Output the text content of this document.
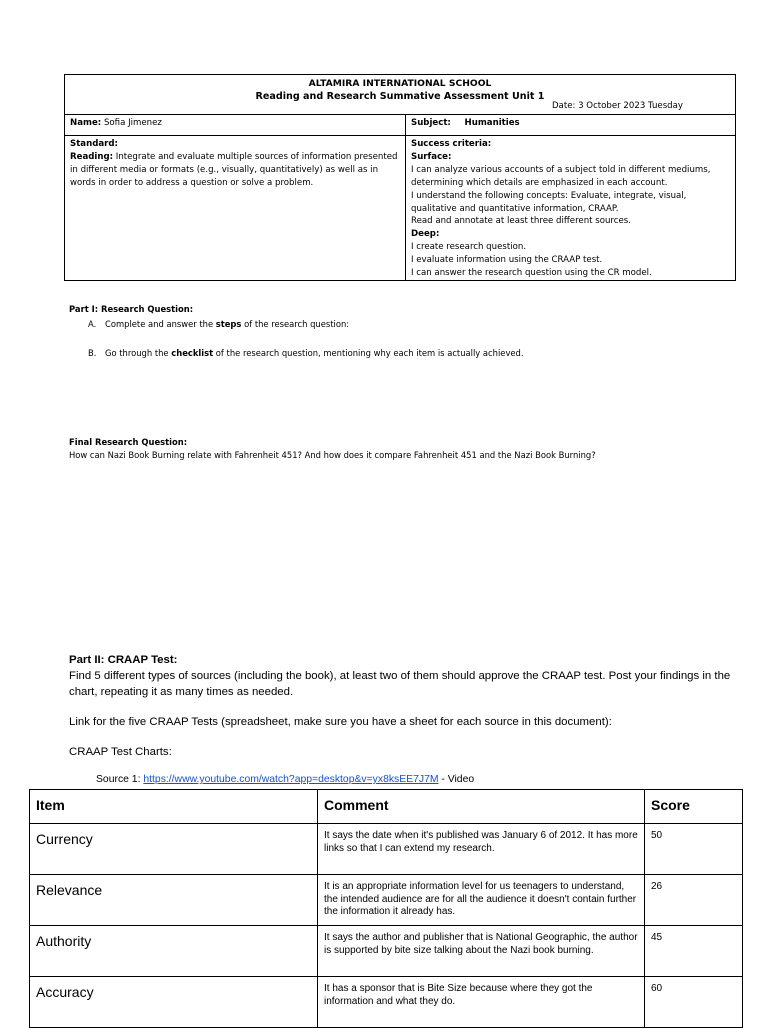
ALTAMIRA INTERNATIONAL SCHOOL
Reading and Research Summative Assessment Unit 1
Date: 3 October 2023 Tuesday
Name: Sofia Jimenez	Subject: Humanities

Standard:

Reading: Integrate and evaluate multiple sources of information presented in different media or formats (e.g., visually, quantitatively) as well as in words in order to address a question or solve a problem.

Success criteria:

Surface:

I can analyze various accounts of a subject told in different mediums, determining which details are emphasized in each account.

I understand the following concepts: Evaluate, integrate, visual, qualitative and quantitative information, CRAAP.

Read and annotate at least three different sources.

Deep:

I create research question.

I evaluate information using the CRAAP test.

I can answer the research question using the CR model.

Part I: Research Question:
A. Complete and answer the steps of the research question:
B. Go through the checklist of the research question, mentioning why each item is actually achieved.
Final Research Question:
How can Nazi Book Burning relate with Fahrenheit 451? And how does it compare Fahrenheit 451 and the Nazi Book Burning?

Part II: CRAAP Test:

Find 5 different types of sources (including the book), at least two of them should approve the CRAAP test. Post your findings in the chart, repeating it as many times as needed.

Link for the five CRAAP Tests (spreadsheet, make sure you have a sheet for each source in this document):

CRAAP Test Charts:

Source 1: https://www.youtube.com/watch?app=desktop&v=yx8ksEE7J7M - Video
Item	Comment	Score
Currency	It says the date when it's published was January 6 of 2012. It has more links so that I can extend my research.	50
Relevance	It is an appropriate information level for us teenagers to understand, the intended audience are for all the audience it doesn't contain further the information it already has.	26
Authority	It says the author and publisher that is National Geographic, the author is supported by bite size talking about the Nazi book burning.	45
Accuracy	It has a sponsor that is Bite Size because where they got the information and what they do.	60
